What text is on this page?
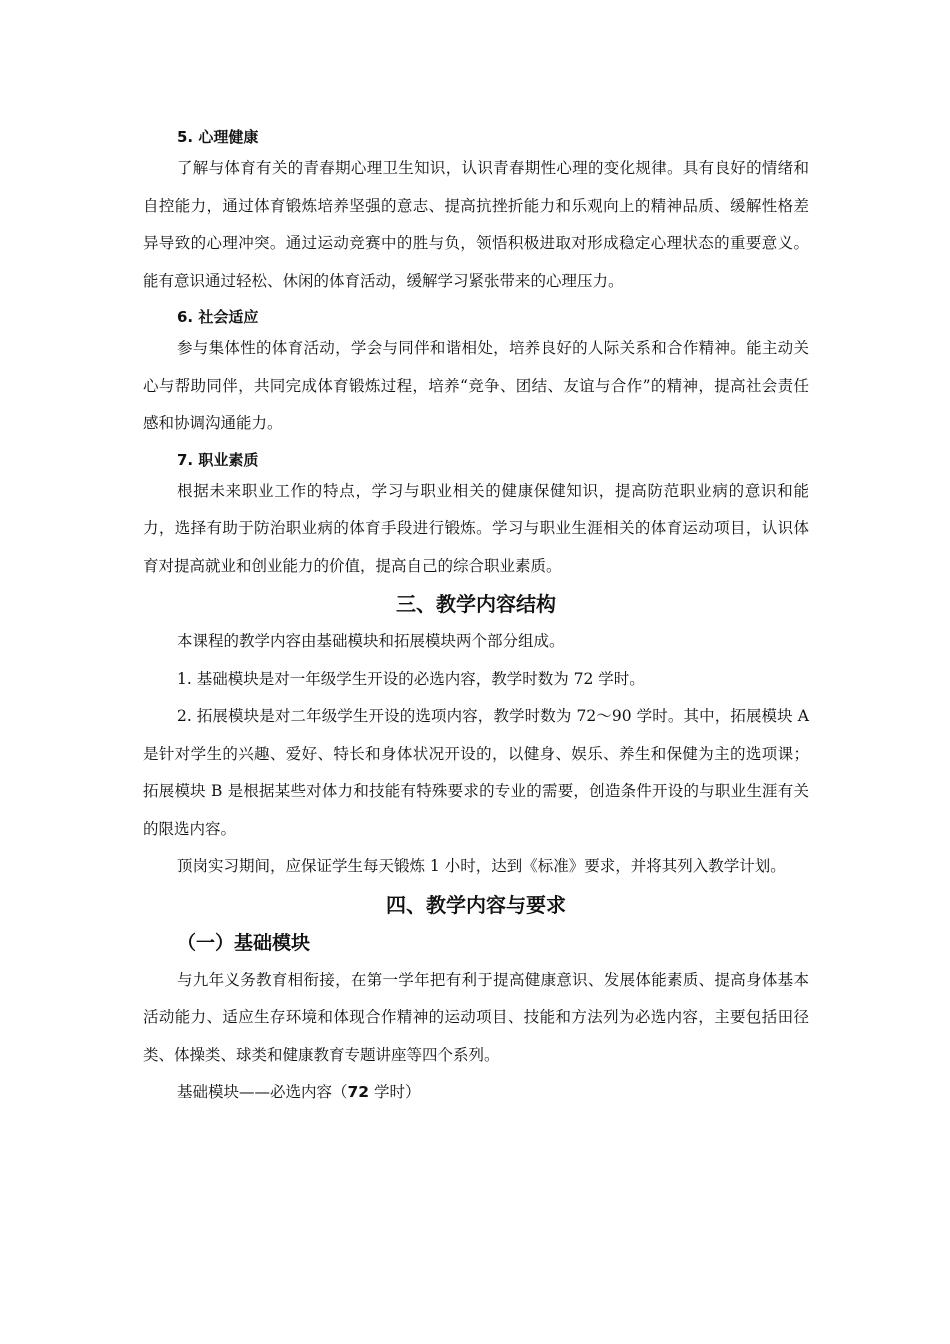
5. 心理健康

了解与体育有关的青春期心理卫生知识，认识青春期性心理的变化规律。具有良好的情绪和自控能力，通过体育锻炼培养坚强的意志、提高抗挫折能力和乐观向上的精神品质、缓解性格差异导致的心理冲突。通过运动竞赛中的胜与负，领悟积极进取对形成稳定心理状态的重要意义。能有意识通过轻松、休闲的体育活动，缓解学习紧张带来的心理压力。

6. 社会适应

参与集体性的体育活动，学会与同伴和谐相处，培养良好的人际关系和合作精神。能主动关心与帮助同伴，共同完成体育锻炼过程，培养“竞争、团结、友谊与合作”的精神，提高社会责任感和协调沟通能力。

7. 职业素质

根据未来职业工作的特点，学习与职业相关的健康保健知识，提高防范职业病的意识和能力，选择有助于防治职业病的体育手段进行锻炼。学习与职业生涯相关的体育运动项目，认识体育对提高就业和创业能力的价值，提高自己的综合职业素质。

三、教学内容结构

本课程的教学内容由基础模块和拓展模块两个部分组成。

1. 基础模块是对一年级学生开设的必选内容，教学时数为 72 学时。

2. 拓展模块是对二年级学生开设的选项内容，教学时数为 72～90 学时。其中，拓展模块 A 是针对学生的兴趣、爱好、特长和身体状况开设的，以健身、娱乐、养生和保健为主的选项课；拓展模块 B 是根据某些对体力和技能有特殊要求的专业的需要，创造条件开设的与职业生涯有关的限选内容。

顶岗实习期间，应保证学生每天锻炼 1 小时，达到《标准》要求，并将其列入教学计划。

四、教学内容与要求
（一）基础模块

与九年义务教育相衔接，在第一学年把有利于提高健康意识、发展体能素质、提高身体基本活动能力、适应生存环境和体现合作精神的运动项目、技能和方法列为必选内容，主要包括田径类、体操类、球类和健康教育专题讲座等四个系列。

基础模块——必选内容（72 学时）
